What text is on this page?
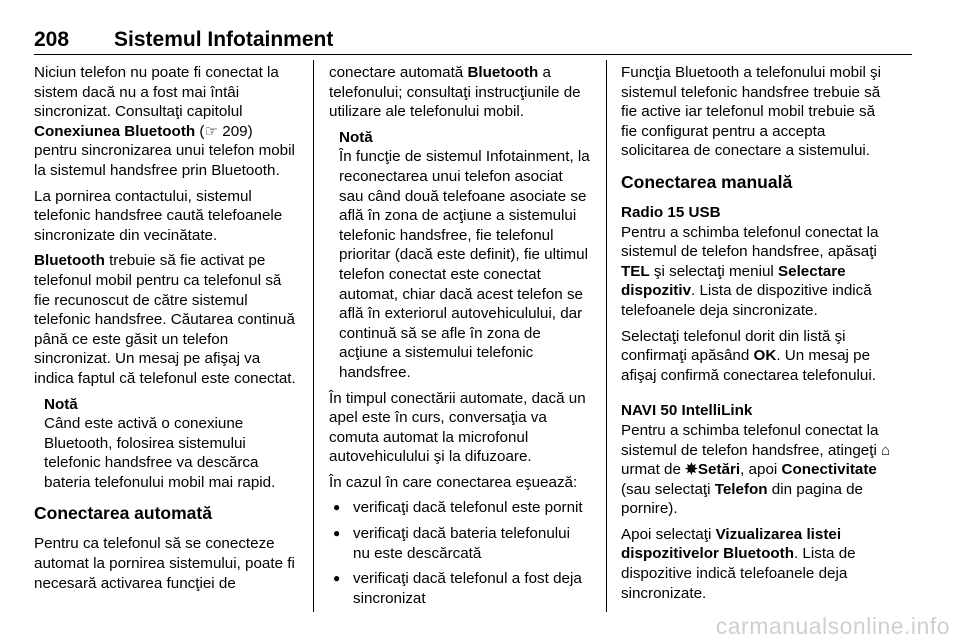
208 Sistemul Infotainment

Niciun telefon nu poate fi conectat la sistem dacă nu a fost mai întâi sincronizat. Consultaţi capitolul Conexiunea Bluetooth (☞ 209) pentru sincronizarea unui telefon mobil la sistemul handsfree prin Bluetooth.

La pornirea contactului, sistemul telefonic handsfree caută telefoanele sincronizate din vecinătate.

Bluetooth trebuie să fie activat pe telefonul mobil pentru ca telefonul să fie recunoscut de către sistemul telefonic handsfree. Căutarea continuă până ce este găsit un telefon sincronizat. Un mesaj pe afişaj va indica faptul că telefonul este conectat.

Notă
Când este activă o conexiune Bluetooth, folosirea sistemului telefonic handsfree va descărca bateria telefonului mobil mai rapid.
Conectarea automată

Pentru ca telefonul să se conecteze automat la pornirea sistemului, poate fi necesară activarea funcţiei de

conectare automată Bluetooth a telefonului; consultaţi instrucţiunile de utilizare ale telefonului mobil.

Notă
În funcţie de sistemul Infotainment, la reconectarea unui telefon asociat sau când două telefoane asociate se află în zona de acţiune a sistemului telefonic handsfree, fie telefonul prioritar (dacă este definit), fie ultimul telefon conectat este conectat automat, chiar dacă acest telefon se află în exteriorul autovehiculului, dar continuă să se afle în zona de acţiune a sistemului telefonic handsfree.

În timpul conectării automate, dacă un apel este în curs, conversaţia va comuta automat la microfonul autovehiculului şi la difuzoare.

În cazul în care conectarea eşuează:

● verificaţi dacă telefonul este pornit
● verificaţi dacă bateria telefonului nu este descărcată
● verificaţi dacă telefonul a fost deja sincronizat

Funcţia Bluetooth a telefonului mobil şi sistemul telefonic handsfree trebuie să fie active iar telefonul mobil trebuie să fie configurat pentru a accepta solicitarea de conectare a sistemului.

Conectarea manuală
Radio 15 USB

Pentru a schimba telefonul conectat la sistemul de telefon handsfree, apăsaţi TEL şi selectaţi meniul Selectare dispozitiv. Lista de dispozitive indică telefoanele deja sincronizate.

Selectaţi telefonul dorit din listă şi confirmaţi apăsând OK. Un mesaj pe afişaj confirmă conectarea telefonului.

NAVI 50 IntelliLink

Pentru a schimba telefonul conectat la sistemul de telefon handsfree, atingeţi ⌂ urmat de ✵Setări, apoi Conectivitate (sau selectaţi Telefon din pagina de pornire).

Apoi selectaţi Vizualizarea listei dispozitivelor Bluetooth. Lista de dispozitive indică telefoanele deja sincronizate.

carmanualsonline.info
